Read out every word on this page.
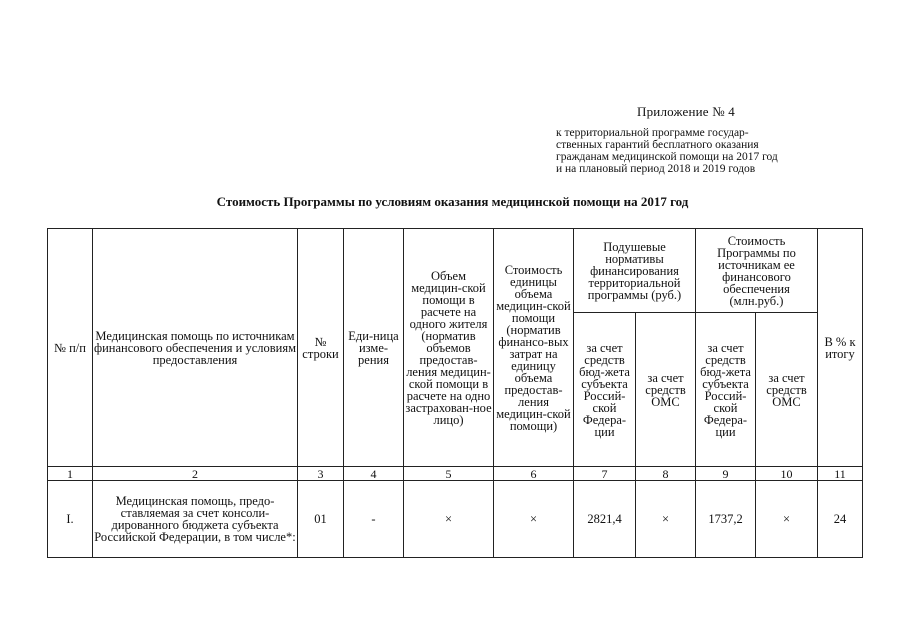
Приложение № 4
к территориальной программе государ-
ственных гарантий бесплатного оказания
гражданам медицинской помощи на 2017 год
и на плановый период 2018 и 2019 годов
Стоимость Программы по условиям оказания медицинской помощи на 2017 год
№ п/п	Медицинская помощь по источникам финансового обеспечения и условиям предоставления	№ строки	Еди-ница изме-рения	Объем медицин-ской помощи в расчете на одного жителя (норматив объемов предостав-ления медицин-ской помощи в расчете на одно застрахован-ное лицо)	Стоимость единицы объема медицин-ской помощи (норматив финансо-вых затрат на единицу объема предостав-ления медицин-ской помощи)	Подушевые нормативы финансирования территориальной программы (руб.)		Стоимость Программы по источникам ее финансового обеспечения (млн.руб.)		В % к итогу
						за счет средств бюд-жета субъекта Россий-ской Федера-ции	за счет средств ОМС	за счет средств бюд-жета субъекта Россий-ской Федера-ции	за счет средств ОМС	
1	2	3	4	5	6	7	8	9	10	11
I.	Медицинская помощь, предо-ставляемая за счет консоли-дированного бюджета субъекта Российской Федерации, в том числе*:	01	-	×	×	2821,4	×	1737,2	×	24
